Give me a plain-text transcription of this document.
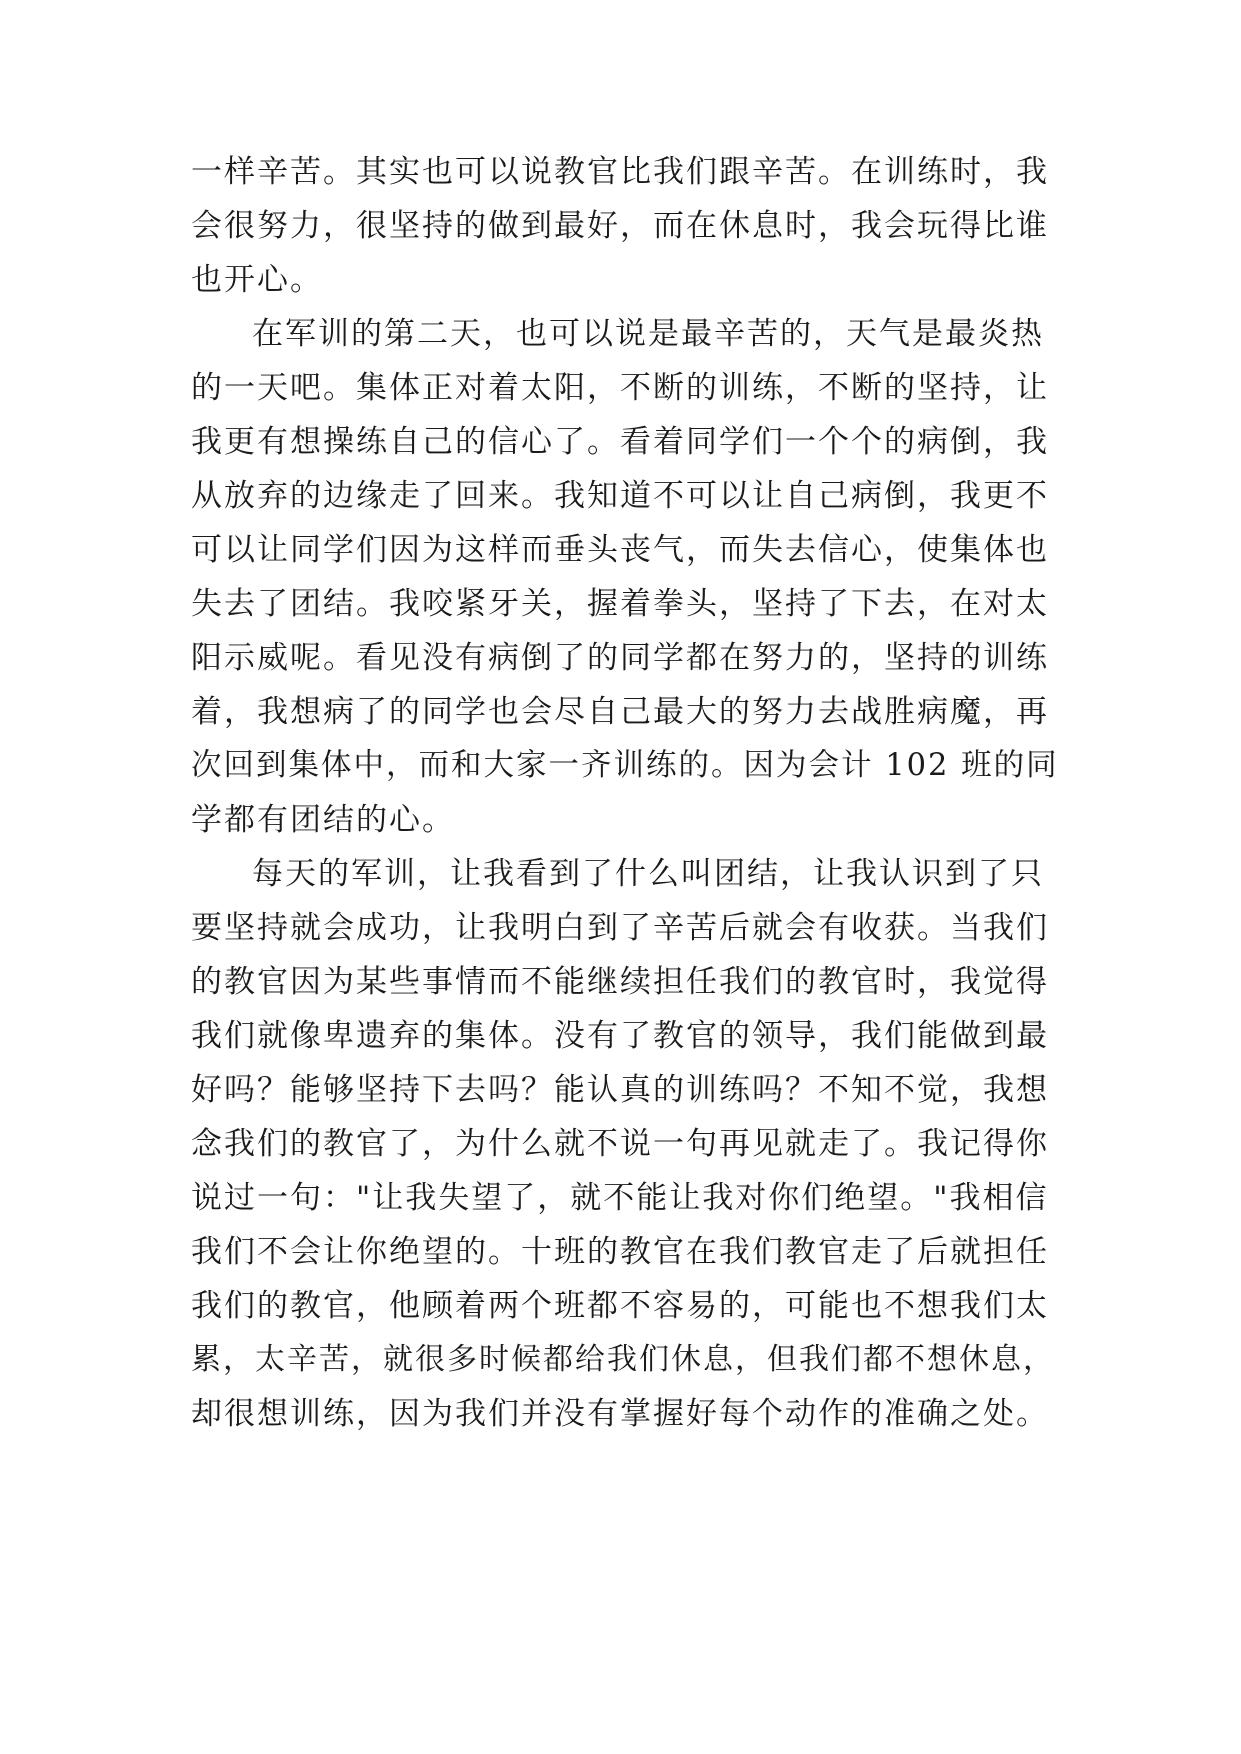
一样辛苦。其实也可以说教官比我们跟辛苦。在训练时，我
会很努力，很坚持的做到最好，而在休息时，我会玩得比谁
也开心。
在军训的第二天，也可以说是最辛苦的，天气是最炎热
的一天吧。集体正对着太阳，不断的训练，不断的坚持，让
我更有想操练自己的信心了。看着同学们一个个的病倒，我
从放弃的边缘走了回来。我知道不可以让自己病倒，我更不
可以让同学们因为这样而垂头丧气，而失去信心，使集体也
失去了团结。我咬紧牙关，握着拳头，坚持了下去，在对太
阳示威呢。看见没有病倒了的同学都在努力的，坚持的训练
着，我想病了的同学也会尽自己最大的努力去战胜病魔，再
次回到集体中，而和大家一齐训练的。因为会计 102 班的同
学都有团结的心。
每天的军训，让我看到了什么叫团结，让我认识到了只
要坚持就会成功，让我明白到了辛苦后就会有收获。当我们
的教官因为某些事情而不能继续担任我们的教官时，我觉得
我们就像卑遗弃的集体。没有了教官的领导，我们能做到最
好吗？能够坚持下去吗？能认真的训练吗？不知不觉，我想
念我们的教官了，为什么就不说一句再见就走了。我记得你
说过一句："让我失望了，就不能让我对你们绝望。"我相信
我们不会让你绝望的。十班的教官在我们教官走了后就担任
我们的教官，他顾着两个班都不容易的，可能也不想我们太
累，太辛苦，就很多时候都给我们休息，但我们都不想休息，
却很想训练，因为我们并没有掌握好每个动作的准确之处。
